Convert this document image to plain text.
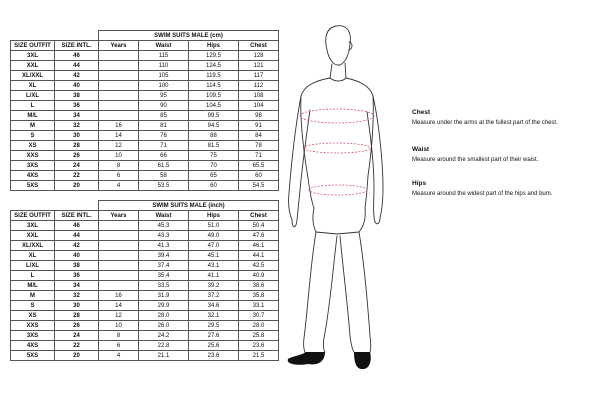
		SWIM SUITS MALE (cm)			
SIZE OUTFIT	SIZE INTL.	Years	Waist	Hips	Chest
3XL	46		115	129.5	128
XXL	44		110	124.5	121
XL/XXL	42		105	119.5	117
XL	40		100	114.5	112
L/XL	38		95	109.5	108
L	36		90	104.5	104
M/L	34		85	99.5	98
M	32	16	81	94.5	91
S	30	14	76	88	84
XS	28	12	71	81.5	78
XXS	26	10	66	75	71
3XS	24	8	61.5	70	65.5
4XS	22	6	58	65	60
5XS	20	4	53.5	60	54.5
		SWIM SUITS MALE (inch)			
SIZE OUTFIT	SIZE INTL.	Years	Waist	Hips	Chest
3XL	46		45.3	51.0	50.4
XXL	44		43.3	49.0	47.6
XL/XXL	42		41.3	47.0	46.1
XL	40		39.4	45.1	44.1
L/XL	38		37.4	43.1	42.5
L	36		35.4	41.1	40.9
M/L	34		33.5	39.2	38.6
M	32	16	31.9	37.2	35.8
S	30	14	29.9	34.6	33.1
XS	28	12	28.0	32.1	30.7
XXS	26	10	26.0	29.5	28.0
3XS	24	8	24.2	27.6	25.8
4XS	22	6	22.8	25.6	23.6
5XS	20	4	21.1	23.6	21.5
Chest
Measure under the arms at the fullest part of the chest.
Waist
Measure around the smallest part of their waist.
Hips
Measure around the widest part of the hips and bum.
